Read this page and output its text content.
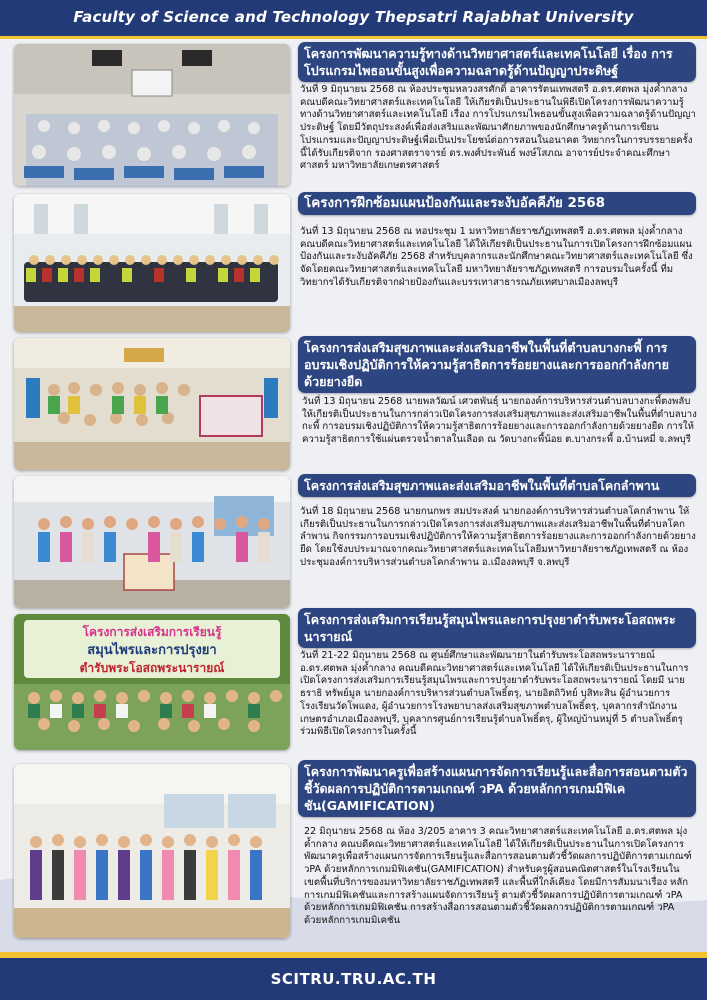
Faculty of Science and Technology Thepsatri Rajabhat University
โครงการพัฒนาความรู้ทางด้านวิทยาศาสตร์และเทคโนโลยี เรื่อง การโปรแกรมไพธอนขั้นสูงเพื่อความฉลาดรู้ด้านปัญญาประดิษฐ์
วันที่ 9 มิถุนายน 2568 ณ ห้องประชุมหลวงสรศักดิ์ อาคารรัตนเทพสตรี อ.ดร.ศตพล มุ่งค้ำกลาง คณบดีคณะวิทยาศาสตร์และเทคโนโลยี ให้เกียรติเป็นประธานในพิธีเปิดโครงการพัฒนาความรู้ทางด้านวิทยาศาสตร์และเทคโนโลยี เรื่อง การโปรแกรมไพธอนขั้นสูงเพื่อความฉลาดรู้ด้านปัญญาประดิษฐ์ โดยมีวัตถุประสงค์เพื่อส่งเสริมและพัฒนาศักยภาพของนักศึกษาครูด้านการเขียนโปรแกรมและปัญญาประดิษฐ์เพื่อเป็นประโยชน์ต่อการสอนในอนาคต วิทยากรในการบรรยายครั้งนี้ได้รับเกียรติจาก รองศาสตราจารย์ ดร.พงศ์ประพันธ์ พงษ์โสภณ อาจารย์ประจำคณะศึกษาศาสตร์ มหาวิทยาลัยเกษตรศาสตร์
โครงการฝึกซ้อมแผนป้องกันและระงับอัคคีภัย 2568
วันที่ 13 มิถุนายน 2568 ณ หอประชุม 1 มหาวิทยาลัยราชภัฏเทพสตรี อ.ดร.ศตพล มุ่งค้ำกลาง คณบดีคณะวิทยาศาสตร์และเทคโนโลยี ได้ให้เกียรติเป็นประธานในการเปิดโครงการฝึกซ้อมแผนป้องกันและระงับอัคคีภัย 2568 สำหรับบุคลากรและนักศึกษาคณะวิทยาศาสตร์และเทคโนโลยี ซึ่งจัดโดยคณะวิทยาศาสตร์และเทคโนโลยี มหาวิทยาลัยราชภัฏเทพสตรี การอบรมในครั้งนี้ ที่มวิทยากรได้รับเกียรติจากฝ่ายป้องกันและบรรเทาสาธารณภัยเทศบาลเมืองลพบุรี
โครงการส่งเสริมสุขภาพและส่งเสริมอาชีพในพื้นที่ตำบลบางกะพี้ การอบรมเชิงปฏิบัติการให้ความรู้สาธิตการร้อยยางและการออกกำลังกายด้วยยางยืด
วันที่ 13 มิถุนายน 2568 นายพลวัฒน์ เศวตพันธุ์ นายกองค์การบริหารส่วนตำบลบางกะพี้ตงพลับ ให้เกียรติเป็นประธานในการกล่าวเปิดโครงการส่งเสริมสุขภาพและส่งเสริมอาชีพในพื้นที่ตำบลบางกะพี้ การอบรมเชิงปฏิบัติการให้ความรู้สาธิตการร้อยยางและการออกกำลังกายด้วยยางยืด การให้ความรู้สาธิตการใช้แผ่นตรวจน้ำตาลในเลือด ณ วัดบางกะพี้น้อย ต.บางกระพี้ อ.บ้านหมี่ จ.ลพบุรี
โครงการส่งเสริมสุขภาพและส่งเสริมอาชีพในพื้นที่ตำบลโคกลำพาน
วันที่ 18 มิถุนายน 2568 นายกนกพร สมประสงค์ นายกองค์การบริหารส่วนตำบลโคกลำพาน ให้เกียรติเป็นประธานในการกล่าวเปิดโครงการส่งเสริมสุขภาพและส่งเสริมอาชีพในพื้นที่ตำบลโคกลำพาน กิจกรรมการอบรมเชิงปฏิบัติการให้ความรู้สาธิตการร้อยยางและการออกกำลังกายด้วยยางยืด โดยใช้งบประมาณจากคณะวิทยาศาสตร์และเทคโนโลยีมหาวิทยาลัยราชภัฏเทพสตรี ณ ห้องประชุมองค์การบริหารส่วนตำบลโคกลำพาน อ.เมืองลพบุรี จ.ลพบุรี
โครงการส่งเสริมการเรียนรู้
สมุนไพรและการปรุงยา
ตำรับพระโอสถพระนารายณ์
โครงการส่งเสริมการเรียนรู้สมุนไพรและการปรุงยาตำรับพระโอสถพระนารายณ์
วันที่ 21-22 มิถุนายน 2568 ณ ศูนย์ศึกษาและพัฒนายาในตำรับพระโอสถพระนารายณ์ อ.ดร.ศตพล มุ่งค้ำกลาง คณบดีคณะวิทยาศาสตร์และเทคโนโลยี ได้ให้เกียรติเป็นประธานในการเปิดโครงการส่งเสริมการเรียนรู้สมุนไพรและการปรุงยาตำรับพระโอสถพระนารายณ์ โดยมี นายธราธิ ทรัพย์มูล นายกองค์การบริหารส่วนตำบลโพธิ์ตรุ, นายอิตถิวิทย์ บุสิทะสิน ผู้อำนวยการโรงเรียนวัดโพแดง, ผู้อำนวยการโรงพยาบาลส่งเสริมสุขภาพตำบลโพธิ์ตรุ, บุคลากรสำนักงานเกษตรอำเภอเมืองลพบุรี, บุคลากรศูนย์การเรียนรู้ตำบลโพธิ์ตรุ, ผู้ใหญ่บ้านหมู่ที่ 5 ตำบลโพธิ์ตรุ ร่วมพิธีเปิดโครงการในครั้งนี้
โครงการพัฒนาครูเพื่อสร้างแผนการจัดการเรียนรู้และสื่อการสอนตามตัวชี้วัดผลการปฏิบัติการตามเกณฑ์ วPA ด้วยหลักการเกมมิฟิเคชัน(GAMIFICATION)
22 มิถุนายน 2568 ณ ห้อง 3/205 อาคาร 3 คณะวิทยาศาสตร์และเทคโนโลยี อ.ดร.ศตพล มุ่งค้ำกลาง คณบดีคณะวิทยาศาสตร์และเทคโนโลยี ได้ให้เกียรติเป็นประธานในการเปิดโครงการพัฒนาครูเพื่อสร้างแผนการจัดการเรียนรู้และสื่อการสอนตามตัวชี้วัดผลการปฏิบัติการตามเกณฑ์ วPA ด้วยหลักการเกมมิฟิเคชัน(GAMIFICATION) สำหรับครูผู้สอนคณิตศาสตร์ในโรงเรียนในเขตพื้นที่บริการของมหาวิทยาลัยราชภัฏเทพสตรี และพื้นที่ใกล้เคียง โดยมีการสัมมนาเรื่อง หลักการเกมมิฟิเคชันและการสร้างแผนจัดการเรียนรู้ ตามตัวชี้วัดผลการปฏิบัติการตามเกณฑ์ วPA ด้วยหลักการเกมมิฟิเคชัน การสร้างสื่อการสอนตามตัวชี้วัดผลการปฏิบัติการตามเกณฑ์ วPA ด้วยหลักการเกมมิเคชัน
SCITRU.TRU.AC.TH
